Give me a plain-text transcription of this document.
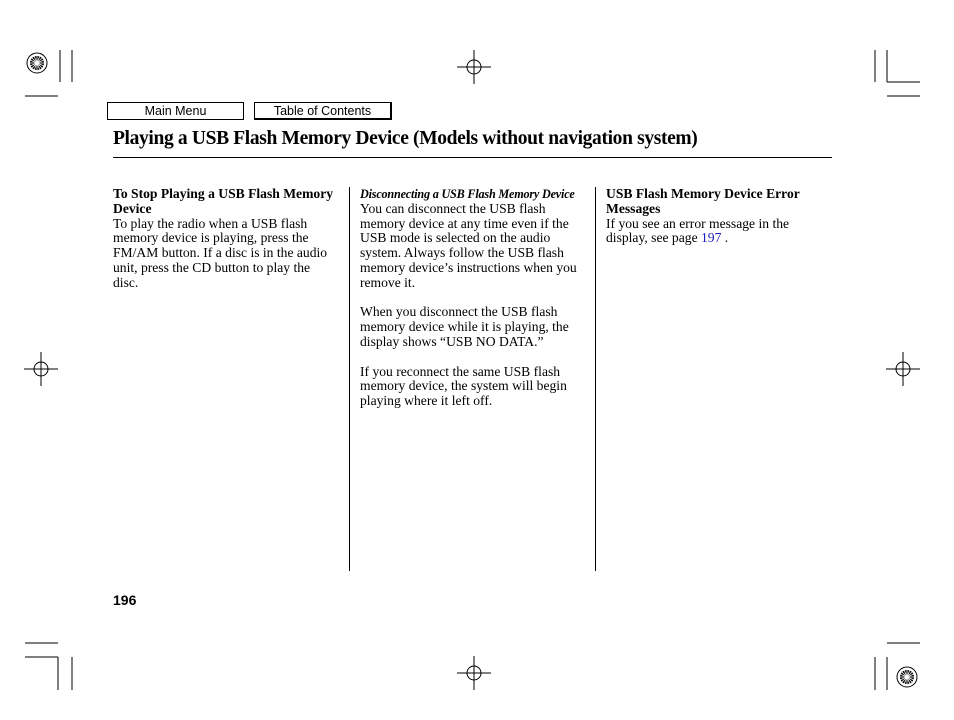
Main Menu	Table of Contents
Playing a USB Flash Memory Device (Models without navigation system)

To Stop Playing a USB Flash Memory Device

To play the radio when a USB flash memory device is playing, press the FM/AM button. If a disc is in the audio unit, press the CD button to play the disc.

Disconnecting a USB Flash Memory Device

You can disconnect the USB flash memory device at any time even if the USB mode is selected on the audio system. Always follow the USB flash memory device’s instructions when you remove it.

When you disconnect the USB flash memory device while it is playing, the display shows “USB NO DATA.”

If you reconnect the same USB flash memory device, the system will begin playing where it left off.

USB Flash Memory Device Error Messages

If you see an error message in the display, see page 197 .

196
